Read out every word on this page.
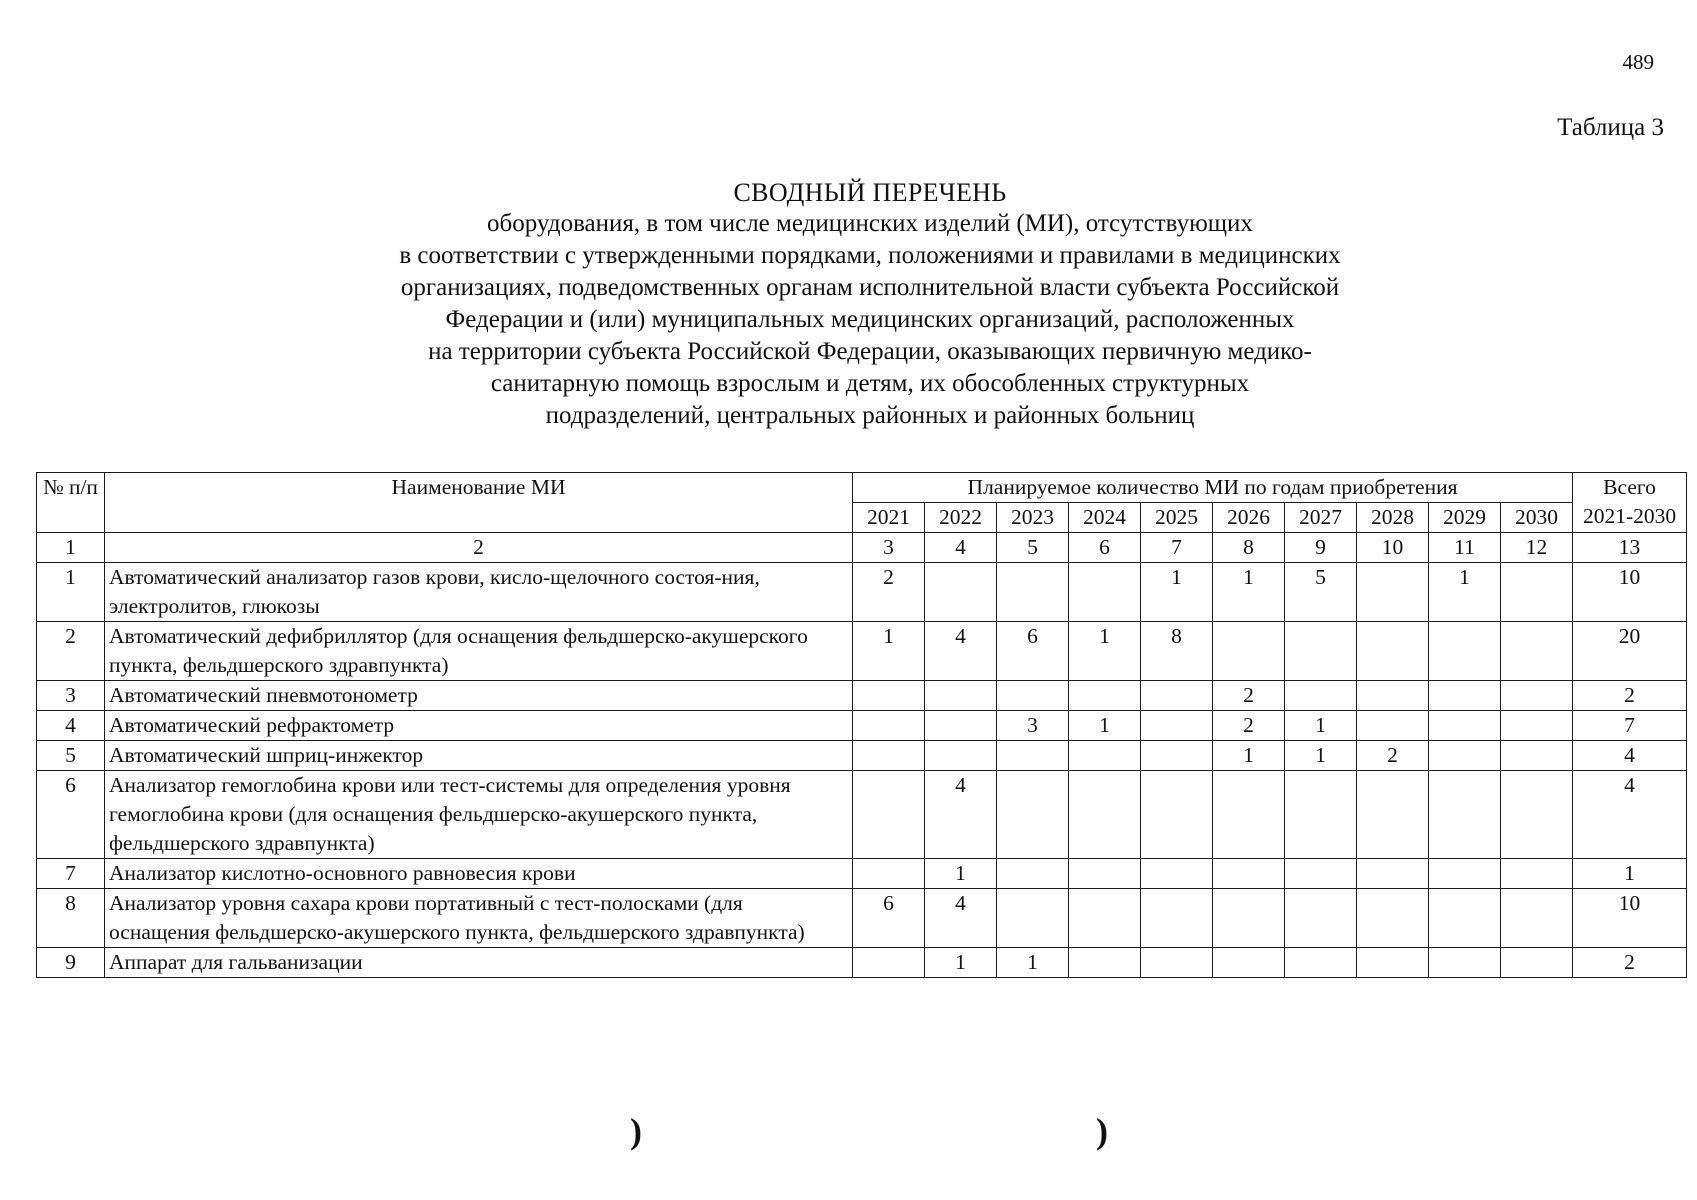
489
Таблица 3
СВОДНЫЙ ПЕРЕЧЕНЬ
оборудования, в том числе медицинских изделий (МИ), отсутствующих
в соответствии с утвержденными порядками, положениями и правилами в медицинских
организациях, подведомственных органам исполнительной власти субъекта Российской
Федерации и (или) муниципальных медицинских организаций, расположенных
на территории субъекта Российской Федерации, оказывающих первичную медико-
санитарную помощь взрослым и детям, их обособленных структурных
подразделений, центральных районных и районных больниц
№ п/п	Наименование МИ	Планируемое количество МИ по годам приобретения										Всего 2021-2030
		2021	2022	2023	2024	2025	2026	2027	2028	2029	2030	
1	2	3	4	5	6	7	8	9	10	11	12	13
1	Автоматический анализатор газов крови, кисло-щелочного состоя-ния, электролитов, глюкозы	2				1	1	5		1		10
2	Автоматический дефибриллятор (для оснащения фельдшерско-акушерского пункта, фельдшерского здравпункта)	1	4	6	1	8						20
3	Автоматический пневмотонометр						2					2
4	Автоматический рефрактометр			3	1		2	1				7
5	Автоматический шприц-инжектор						1	1	2			4
6	Анализатор гемоглобина крови или тест-системы для определения уровня гемоглобина крови (для оснащения фельдшерско-акушерского пункта, фельдшерского здравпункта)		4									4
7	Анализатор кислотно-основного равновесия крови		1									1
8	Анализатор уровня сахара крови портативный с тест-полосками (для оснащения фельдшерско-акушерского пункта, фельдшерского здравпункта)	6	4									10
9	Аппарат для гальванизации		1	1								2
)	)
